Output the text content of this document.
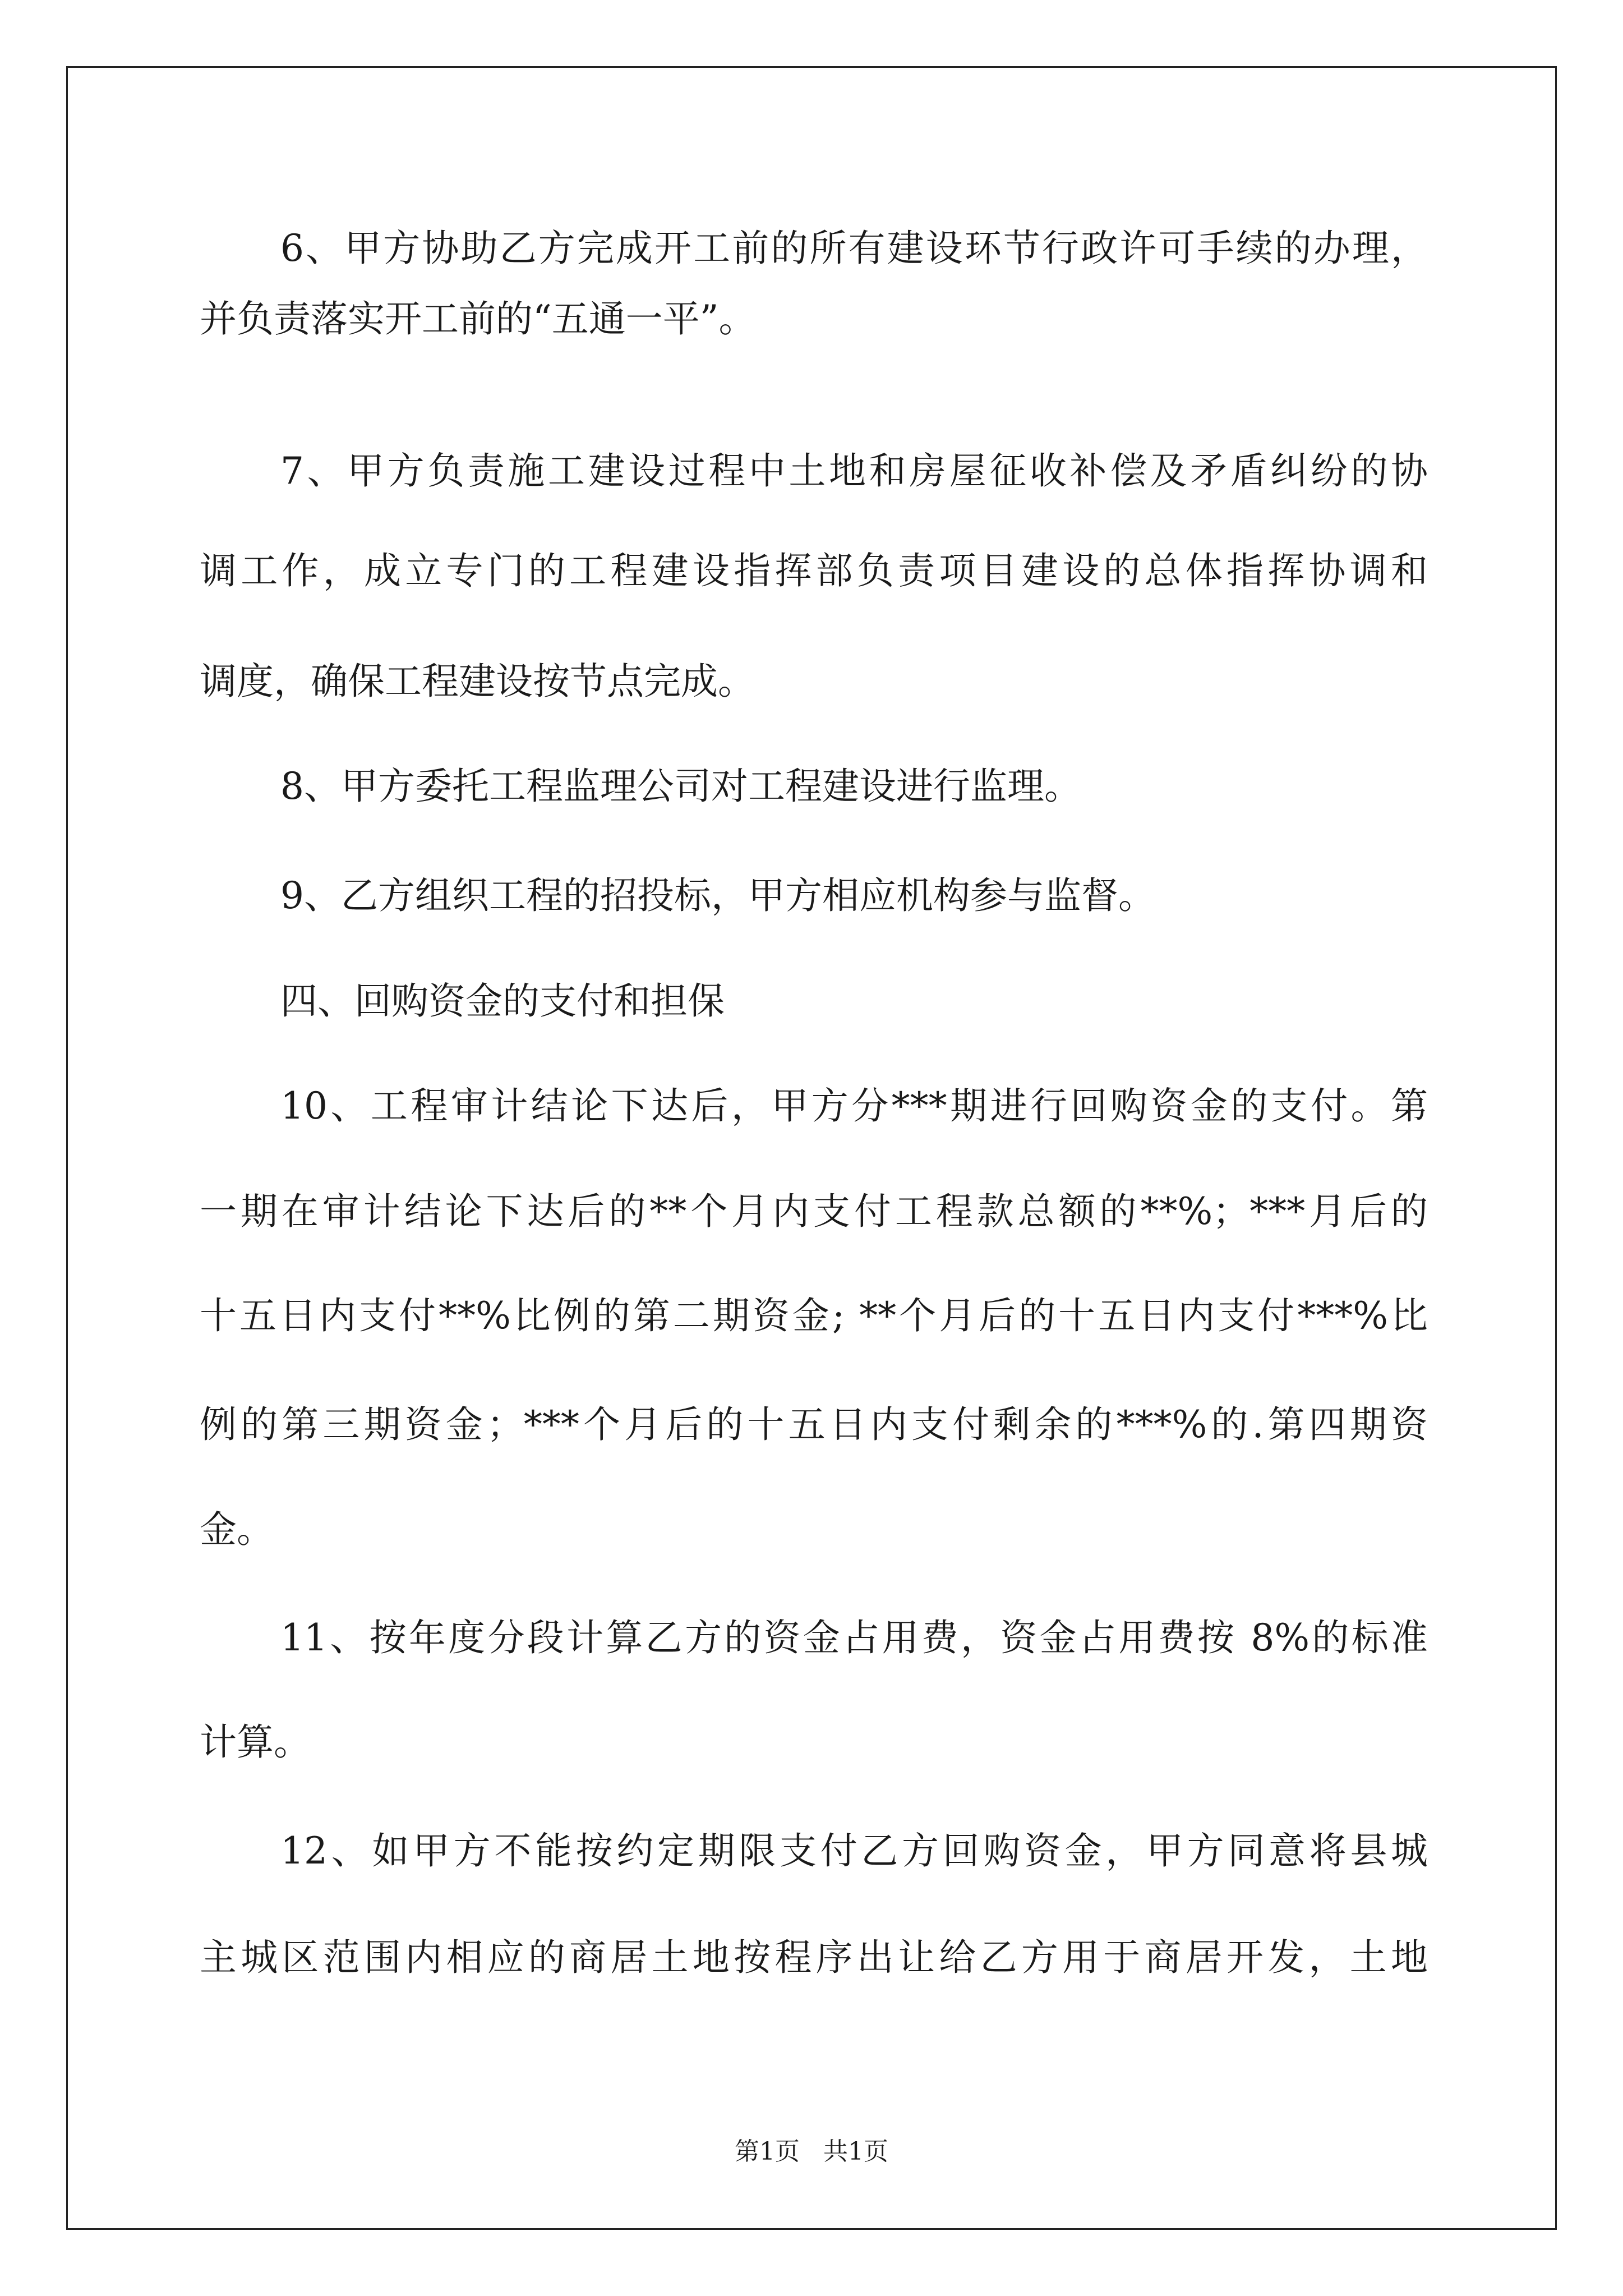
6、甲方协助乙方完成开工前的所有建设环节行政许可手续的办理，
并负责落实开工前的“五通一平”。
7、甲方负责施工建设过程中土地和房屋征收补偿及矛盾纠纷的协
调工作，成立专门的工程建设指挥部负责项目建设的总体指挥协调和
调度，确保工程建设按节点完成。
8、甲方委托工程监理公司对工程建设进行监理。
9、乙方组织工程的招投标，甲方相应机构参与监督。
四、回购资金的支付和担保
10、工程审计结论下达后，甲方分***期进行回购资金的支付。第
一期在审计结论下达后的**个月内支付工程款总额的**%；***月后的
十五日内支付**%比例的第二期资金; **个月后的十五日内支付***%比
例的第三期资金；***个月后的十五日内支付剩余的***%的.第四期资
金。
11、按年度分段计算乙方的资金占用费，资金占用费按 8%的标准
计算。
12、如甲方不能按约定期限支付乙方回购资金，甲方同意将县城
主城区范围内相应的商居土地按程序出让给乙方用于商居开发，土地
第1页   共1页
